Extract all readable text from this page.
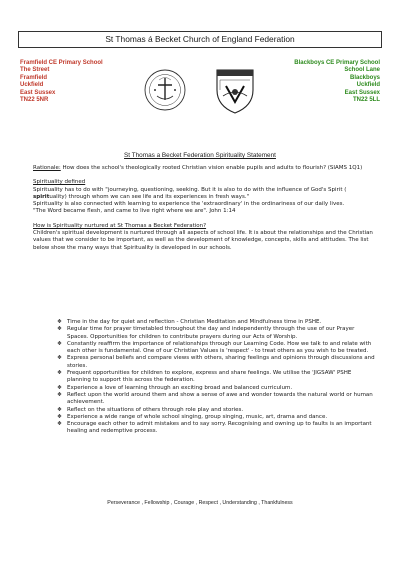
St Thomas á Becket Church of England Federation
Framfield CE Primary School
The Street
Framfield
Uckfield
East Sussex
TN22 5NR
Blackboys CE Primary School
School Lane
Blackboys
Uckfield
East Sussex
TN22 5LL
St Thomas a Becket Federation Spirituality Statement

Rationale: How does the school's theologically rooted Christian vision enable pupils and adults to flourish? (SIAMS 1Q1)

Spirituality defined

Spirituality has to do with "journeying, questioning, seeking. But it is also to do with the influence of God's Spirit ( spirituality) through whom we can see life and its experiences in fresh ways."

Spirituality is also connected with learning to experience the 'extraordinary' in the ordinariness of our daily lives.

"The Word became flesh, and came to live right where we are". John 1:14

How is Spirituality nurtured at St Thomas a Becket Federation?

Children's spiritual development is nurtured through all aspects of school life. It is about the relationships and the Christian values that we consider to be important, as well as the development of knowledge, concepts, skills and attitudes. The list below show the many ways that Spirituality is developed in our schools.

❖ Time in the day for quiet and reflection - Christian Meditation and Mindfulness time in PSHE.
❖ Regular time for prayer timetabled throughout the day and independently through the use of our Prayer Spaces. Opportunities for children to contribute prayers during our Acts of Worship.
❖ Constantly reaffirm the importance of relationships through our Learning Code. How we talk to and relate with each other is fundamental. One of our Christian Values is 'respect' - to treat others as you wish to be treated.
❖ Express personal beliefs and compare views with others, sharing feelings and opinions through discussions and stories.
❖ Frequent opportunities for children to explore, express and share feelings. We utilise the 'JIGSAW' PSHE planning to support this across the federation.
❖ Experience a love of learning through an exciting broad and balanced curriculum.
❖ Reflect upon the world around them and show a sense of awe and wonder towards the natural world or human achievement.
❖ Reflect on the situations of others through role play and stories.
❖ Experience a wide range of whole school singing, group singing, music, art, drama and dance.
❖ Encourage each other to admit mistakes and to say sorry. Recognising and owning up to faults is an important healing and redemptive process.
Perseverance , Fellowship , Courage , Respect , Understanding , Thankfulness
